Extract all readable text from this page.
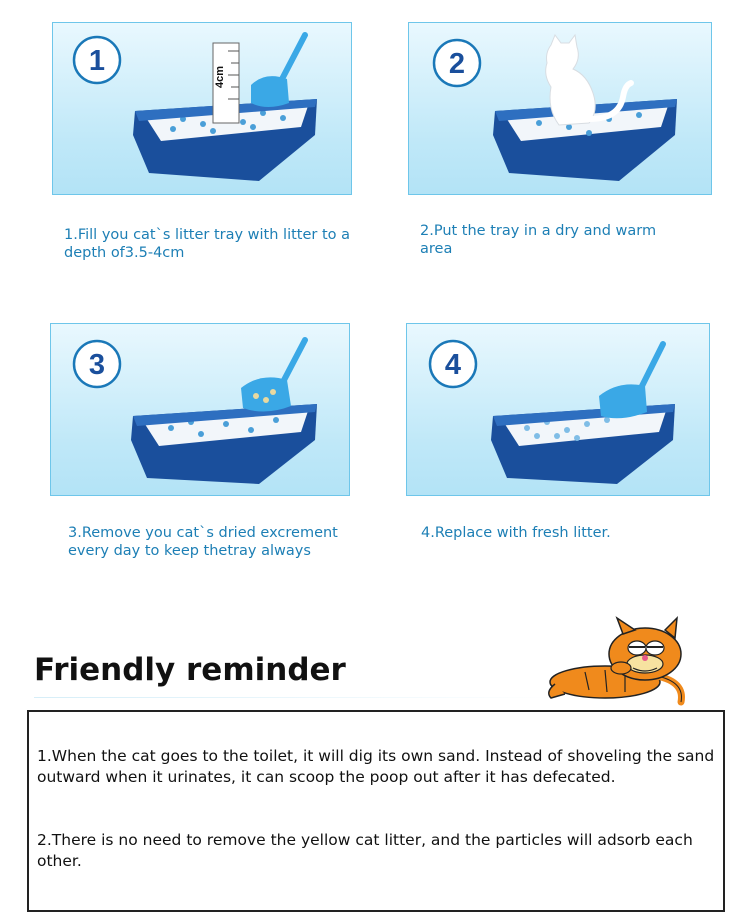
1	4cm
1.Fill you cat`s litter tray with litter to a depth of3.5-4cm
2
2.Put the tray in a dry and warm area
3
3.Remove you cat`s dried excrement every day to keep thetray always
4
4.Replace with fresh litter.
Friendly reminder

1.When the cat goes to the toilet, it will dig its own sand. Instead of shoveling the sand outward when it urinates, it can scoop the poop out after it has defecated.

2.There is no need to remove the yellow cat litter, and the particles will adsorb each other.
